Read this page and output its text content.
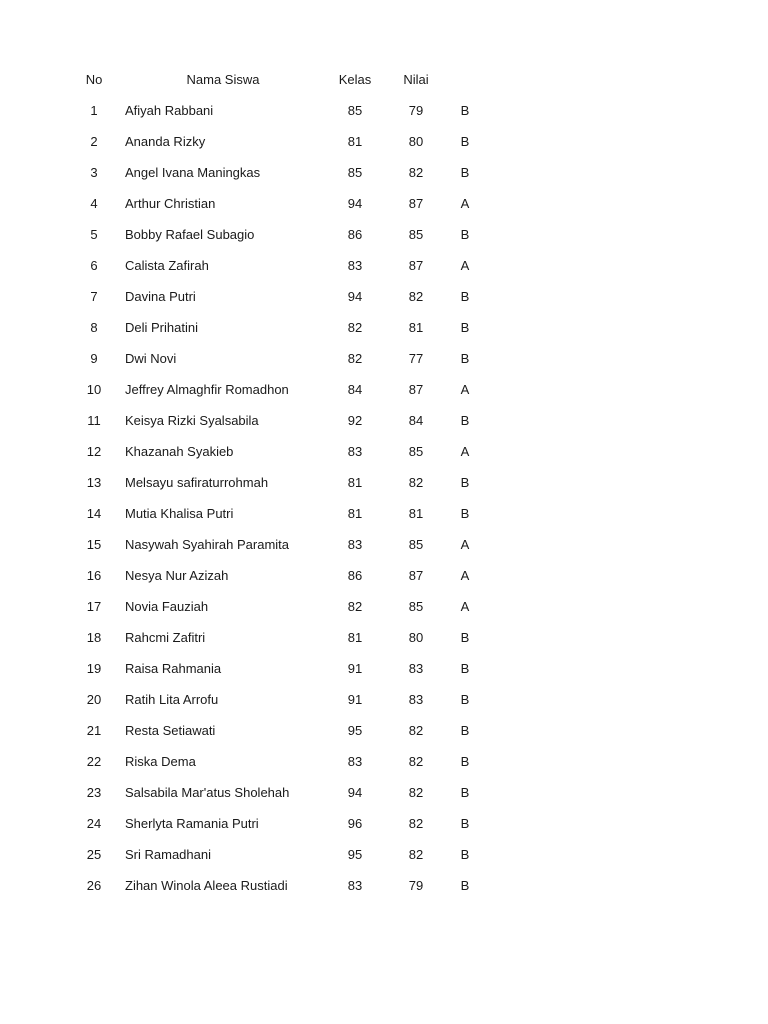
No	Nama Siswa	Kelas	Nilai
1	Afiyah Rabbani	85	79	B
2	Ananda Rizky	81	80	B
3	Angel Ivana Maningkas	85	82	B
4	Arthur Christian	94	87	A
5	Bobby Rafael Subagio	86	85	B
6	Calista Zafirah	83	87	A
7	Davina Putri	94	82	B
8	Deli Prihatini	82	81	B
9	Dwi Novi	82	77	B
10	Jeffrey Almaghfir Romadhon	84	87	A
11	Keisya Rizki Syalsabila	92	84	B
12	Khazanah Syakieb	83	85	A
13	Melsayu safiraturrohmah	81	82	B
14	Mutia Khalisa Putri	81	81	B
15	Nasywah Syahirah Paramita	83	85	A
16	Nesya Nur Azizah	86	87	A
17	Novia Fauziah	82	85	A
18	Rahcmi Zafitri	81	80	B
19	Raisa Rahmania	91	83	B
20	Ratih Lita Arrofu	91	83	B
21	Resta Setiawati	95	82	B
22	Riska Dema	83	82	B
23	Salsabila Mar'atus Sholehah	94	82	B
24	Sherlyta Ramania Putri	96	82	B
25	Sri Ramadhani	95	82	B
26	Zihan Winola Aleea Rustiadi	83	79	B
